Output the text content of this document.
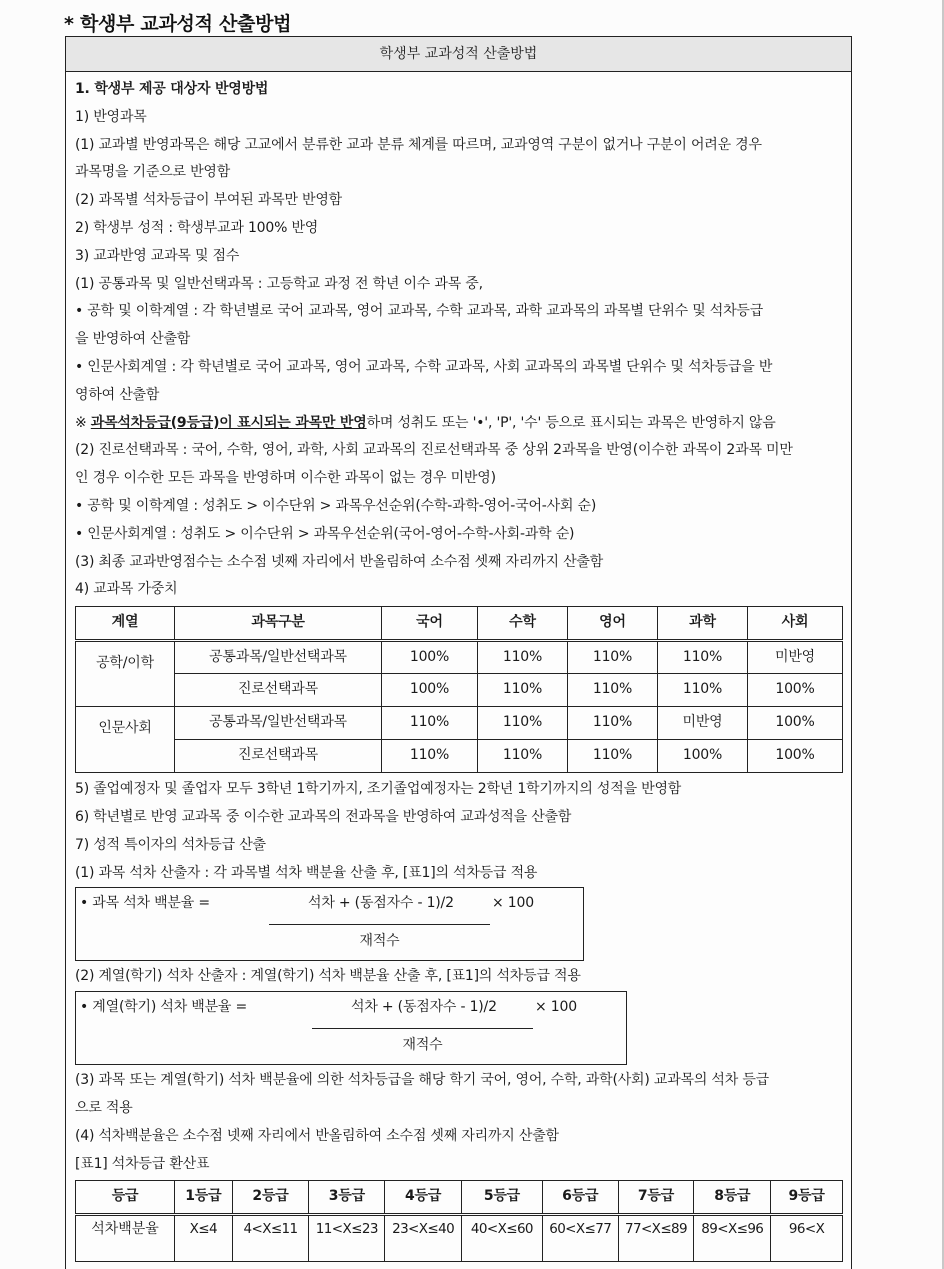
* 학생부 교과성적 산출방법
학생부 교과성적 산출방법
1. 학생부 제공 대상자 반영방법
1) 반영과목
(1) 교과별 반영과목은 해당 고교에서 분류한 교과 분류 체계를 따르며, 교과영역 구분이 없거나 구분이 어려운 경우
과목명을 기준으로 반영함
(2) 과목별 석차등급이 부여된 과목만 반영함
2) 학생부 성적 : 학생부교과 100% 반영
3) 교과반영 교과목 및 점수
(1) 공통과목 및 일반선택과목 : 고등학교 과정 전 학년 이수 과목 중,
• 공학 및 이학계열 : 각 학년별로 국어 교과목, 영어 교과목, 수학 교과목, 과학 교과목의 과목별 단위수 및 석차등급
을 반영하여 산출함
• 인문사회계열 : 각 학년별로 국어 교과목, 영어 교과목, 수학 교과목, 사회 교과목의 과목별 단위수 및 석차등급을 반
영하여 산출함
※ 과목석차등급(9등급)이 표시되는 과목만 반영하며 성취도 또는 '•', 'P', '수' 등으로 표시되는 과목은 반영하지 않음
(2) 진로선택과목 : 국어, 수학, 영어, 과학, 사회 교과목의 진로선택과목 중 상위 2과목을 반영(이수한 과목이 2과목 미만
인 경우 이수한 모든 과목을 반영하며 이수한 과목이 없는 경우 미반영)
• 공학 및 이학계열 : 성취도 > 이수단위 > 과목우선순위(수학-과학-영어-국어-사회 순)
• 인문사회계열 : 성취도 > 이수단위 > 과목우선순위(국어-영어-수학-사회-과학 순)
(3) 최종 교과반영점수는 소수점 넷째 자리에서 반올림하여 소수점 셋째 자리까지 산출함
4) 교과목 가중치
계열	과목구분	국어	수학	영어	과학	사회
공학/이학	공통과목/일반선택과목	100%	110%	110%	110%	미반영
	진로선택과목	100%	110%	110%	110%	100%
인문사회	공통과목/일반선택과목	110%	110%	110%	미반영	100%
	진로선택과목	110%	110%	110%	100%	100%
5) 졸업예정자 및 졸업자 모두 3학년 1학기까지, 조기졸업예정자는 2학년 1학기까지의 성적을 반영함
6) 학년별로 반영 교과목 중 이수한 교과목의 전과목을 반영하여 교과성적을 산출함
7) 성적 특이자의 석차등급 산출
(1) 과목 석차 산출자 : 각 과목별 석차 백분율 산출 후, [표1]의 석차등급 적용
• 과목 석차 백분율 =	석차 + (동점자수 - 1)/2	× 100
재적수
(2) 계열(학기) 석차 산출자 : 계열(학기) 석차 백분율 산출 후, [표1]의 석차등급 적용
• 계열(학기) 석차 백분율 =	석차 + (동점자수 - 1)/2	× 100
재적수
(3) 과목 또는 계열(학기) 석차 백분율에 의한 석차등급을 해당 학기 국어, 영어, 수학, 과학(사회) 교과목의 석차 등급
으로 적용
(4) 석차백분율은 소수점 넷째 자리에서 반올림하여 소수점 셋째 자리까지 산출함
[표1] 석차등급 환산표
등급	1등급	2등급	3등급	4등급	5등급	6등급	7등급	8등급	9등급
석차백분율	X≤4	4<X≤11	11<X≤23	23<X≤40	40<X≤60	60<X≤77	77<X≤89	89<X≤96	96<X
